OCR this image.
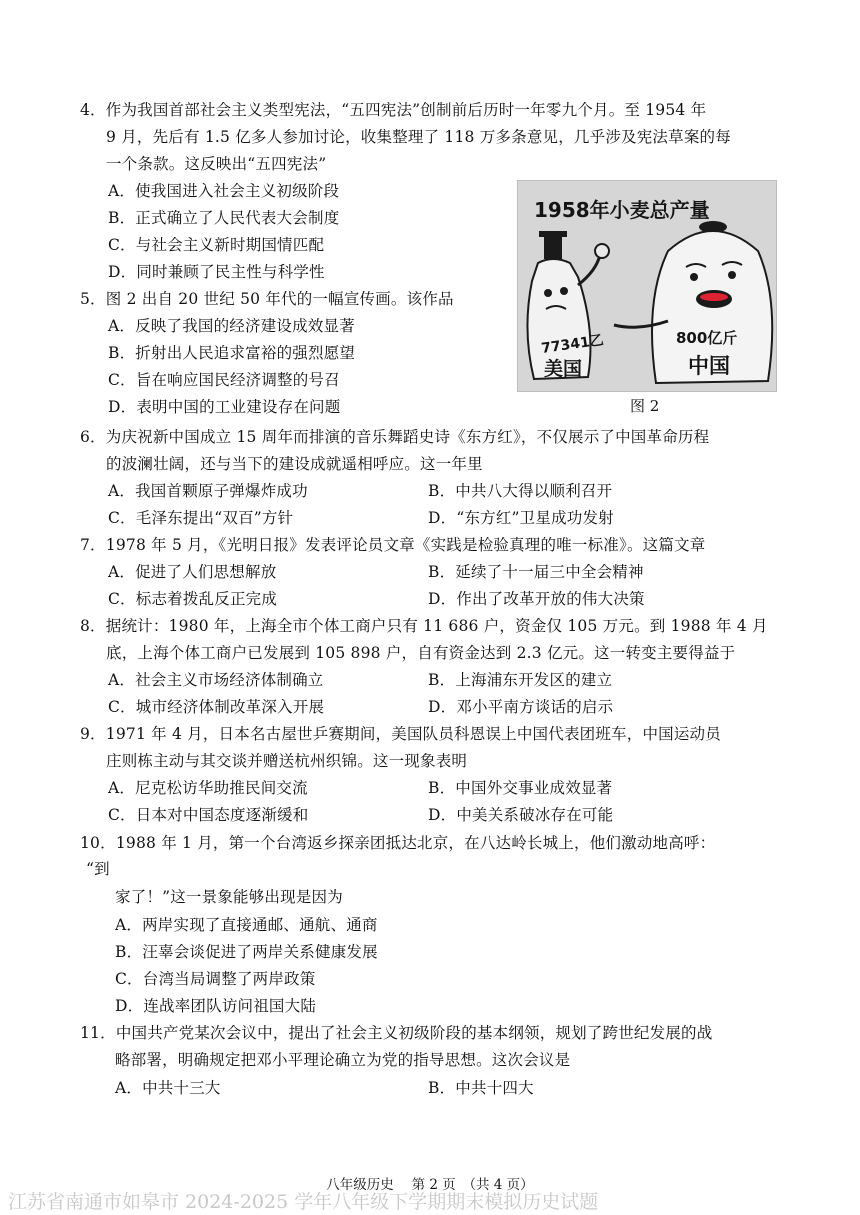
4．作为我国首部社会主义类型宪法，“五四宪法”创制前后历时一年零九个月。至 1954 年
9 月，先后有 1.5 亿多人参加讨论，收集整理了 118 万多条意见，几乎涉及宪法草案的每
一个条款。这反映出“五四宪法”
A．使我国进入社会主义初级阶段
B．正式确立了人民代表大会制度
C．与社会主义新时期国情匹配
D．同时兼顾了民主性与科学性
5．图 2 出自 20 世纪 50 年代的一幅宣传画。该作品
A．反映了我国的经济建设成效显著
B．折射出人民追求富裕的强烈愿望
C．旨在响应国民经济调整的号召
D．表明中国的工业建设存在问题
1958年小麦总产量
77341乙
美国
800亿斤
中国
图 2
6．为庆祝新中国成立 15 周年而排演的音乐舞蹈史诗《东方红》，不仅展示了中国革命历程
的波澜壮阔，还与当下的建设成就遥相呼应。这一年里
A．我国首颗原子弹爆炸成功	B．中共八大得以顺利召开
C．毛泽东提出“双百”方针	D．“东方红”卫星成功发射
7．1978 年 5 月，《光明日报》发表评论员文章《实践是检验真理的唯一标准》。这篇文章
A．促进了人们思想解放	B．延续了十一届三中全会精神
C．标志着拨乱反正完成	D．作出了改革开放的伟大决策
8．据统计：1980 年，上海全市个体工商户只有 11 686 户，资金仅 105 万元。到 1988 年 4 月
底，上海个体工商户已发展到 105 898 户，自有资金达到 2.3 亿元。这一转变主要得益于
A．社会主义市场经济体制确立	B．上海浦东开发区的建立
C．城市经济体制改革深入开展	D．邓小平南方谈话的启示
9．1971 年 4 月，日本名古屋世乒赛期间，美国队员科恩误上中国代表团班车，中国运动员
庄则栋主动与其交谈并赠送杭州织锦。这一现象表明
A．尼克松访华助推民间交流	B．中国外交事业成效显著
C．日本对中国态度逐渐缓和	D．中美关系破冰存在可能
10．1988 年 1 月，第一个台湾返乡探亲团抵达北京，在八达岭长城上，他们激动地高呼：
“到
家了！”这一景象能够出现是因为
A．两岸实现了直接通邮、通航、通商
B．汪辜会谈促进了两岸关系健康发展
C．台湾当局调整了两岸政策
D．连战率团队访问祖国大陆
11．中国共产党某次会议中，提出了社会主义初级阶段的基本纲领，规划了跨世纪发展的战
略部署，明确规定把邓小平理论确立为党的指导思想。这次会议是
A．中共十三大	B．中共十四大
八年级历史　 第 2 页　（共 4 页）
江苏省南通市如皋市 2024-2025 学年八年级下学期期末模拟历史试题
